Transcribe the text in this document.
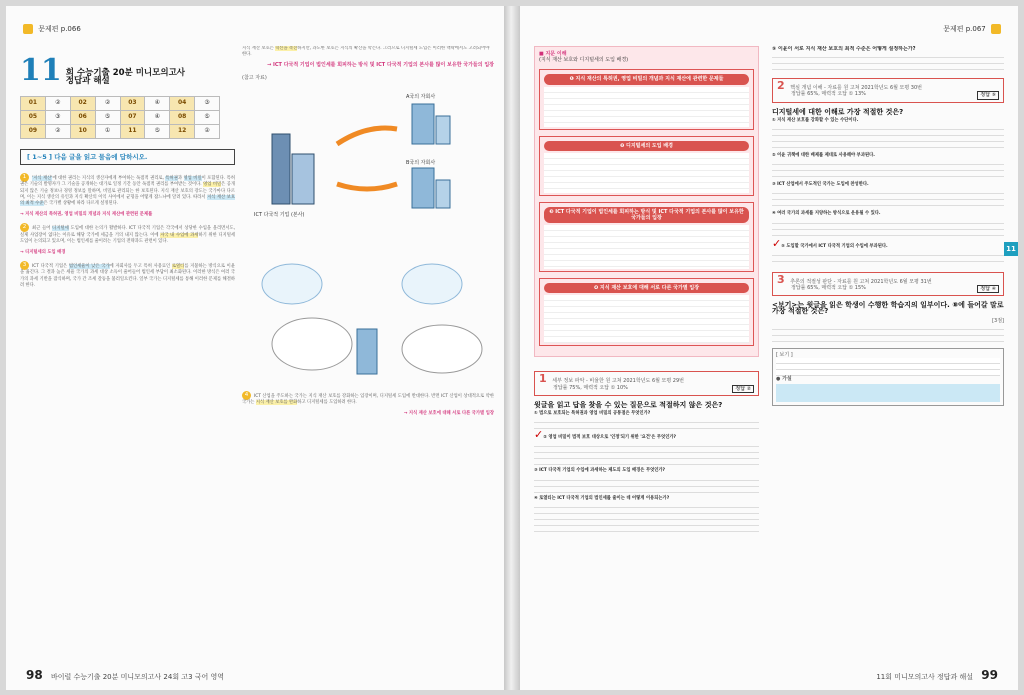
문제편 p.066
11 회 수능기출 20분 미니모의고사
정답과 해설
01	②	02	②	03	④	04	③
05	③	06	⑤	07	④	08	⑤
09	②	10	①	11	⑤	12	②
[ 1~5 ] 다음 글을 읽고 물음에 답하시오.

1 '지식 재산'에 대한 권리는 지식의 생산자에게 부여하는 독점적 권리로, 특허권과 영업 비밀이 포함된다. 특허권은 기술의 발명자가 그 기술을 공개하는 대가로 일정 기간 동안 독점적 권리를 부여받는 것이다. 영업 비밀은 공개되지 않은 기술 정보나 경영 정보를 말하며, 비밀로 관리되는 한 보호된다. 지식 재산 보호의 강도는 국가마다 다르며, 이는 지식 생산의 유인과 지식 확산의 이익 사이에서 균형을 어떻게 잡느냐에 달려 있다. 따라서 지식 재산 보호의 최적 수준은 국가별 상황에 따라 다르게 설정된다.

→ 지식 재산의 특허권, 영업 비밀의 개념과 지식 재산에 관련된 문제를

2 최근 들어 디지털세 도입에 대한 논의가 활발하다. ICT 다국적 기업은 각국에서 상당한 수입을 올리면서도, 실제 사업장이 없다는 이유로 해당 국가에 세금을 거의 내지 않는다. 이에 자국 내 수입에 과세하기 위한 디지털세 도입이 논의되고 있으며, 이는 법인세를 줄이려는 기업의 전략과도 관련이 있다.

→ 디지털세의 도입 배경

3 ICT 다국적 기업은 법인세율이 낮은 국가에 자회사를 두고 특허 사용료인 로열티를 지불하는 방식으로 이윤을 옮긴다. 그 결과 높은 세율 국가의 과세 대상 소득이 줄어들어 법인세 부담이 최소화된다. 이러한 방식은 여러 국가의 과세 기반을 잠식하며, 국가 간 조세 갈등을 불러일으킨다. 일부 국가는 디지털세를 통해 이러한 문제를 해결하려 한다.

지식 재산 보호는 혁신을 촉진하지만, 과도한 보호는 지식의 확산을 막는다. 그러므로 디지털세 도입은 이러한 맥락에서도 고려되어야 한다.

→ ICT 다국적 기업이 법인세를 회피하는 방식 및 ICT 다국적 기업의 본사를 많이 보유한 국가들의 입장
(참고 자료)
A국의 자회사
B국의 자회사
ICT 다국적 기업 (본사)

4 ICT 산업을 주도하는 국가는 지식 재산 보호를 강화하는 입장이며, 디지털세 도입에 반대한다. 반면 ICT 산업이 상대적으로 약한 국가는 지식 재산 보호를 완화하고 디지털세를 도입하려 한다.

→ 지식 재산 보호에 대해 서로 다른 국가별 입장

98 바이럴 수능기출 20분 미니모의고사 24회 고3 국어 영역
문제편 p.067
11
■ 지문 이해
(지식 재산 보호와 디지털세의 도입 배경)
❶ 지식 재산의 특허권, 영업 비밀의 개념과 지식 재산에 관련한 문제들
❷ 디지털세의 도입 배경
❸ ICT 다국적 기업이 법인세를 회피하는 방식 및 ICT 다국적 기업의 본사를 많이 보유한 국가들의 입장
❹ 지식 재산 보호에 대해 서로 다른 국가별 입장
1 세부 정보 파악 - 비율한 원 고쳐 2021학년도 6월 모평 29번
정답률 75%, 매력적 오답 ① 10%	정답 ②
윗글을 읽고 답을 찾을 수 있는 질문으로 적절하지 않은 것은?
① 법으로 보호되는 특허권과 영업 비밀의 공통점은 무엇인가?
✓② 영업 비밀이 법적 보호 대상으로 '인정'되기 위한 '요건'은 무엇인가?
③ ICT 다국적 기업의 수입에 과세하는 제도의 도입 배경은 무엇인가?
④ 로열티는 ICT 다국적 기업의 법인세를 줄이는 데 어떻게 이용되는가?
⑤ 이윤이 서로 지식 재산 보호의 최적 수준은 어떻게 설정하는가?
2 핵심 개념 이해 - 자료를 원 고쳐 2021학년도 6월 모평 30번
정답률 65%, 매력적 오답 ① 13%	정답 ⑤
디지털세에 대한 이해로 가장 적절한 것은?
① 지식 재산 보호를 강화할 수 있는 수단이다.
② 이윤 귀책에 대한 배제를 제대로 사용해야 부과된다.
③ ICT 산업에서 주도적인 국가는 도입에 찬성한다.
④ 여러 국가의 과세를 지양하는 방식으로 운용될 수 있다.
✓⑤ 도입할 국가에서 ICT 다국적 기업의 수입에 부과된다.
3 추론의 적절성 판단 - 자료를 원 고쳐 2021학년도 6월 모평 31번
정답률 65%, 매력적 오답 ① 15%	정답 ④
<보기>는 윗글을 읽은 학생이 수행한 학습지의 일부이다. ⑧에 들어갈 말로 가장 적절한 것은?
[3점]
[ 보기 ]
● 가설
11회 미니모의고사 정답과 해설 99
